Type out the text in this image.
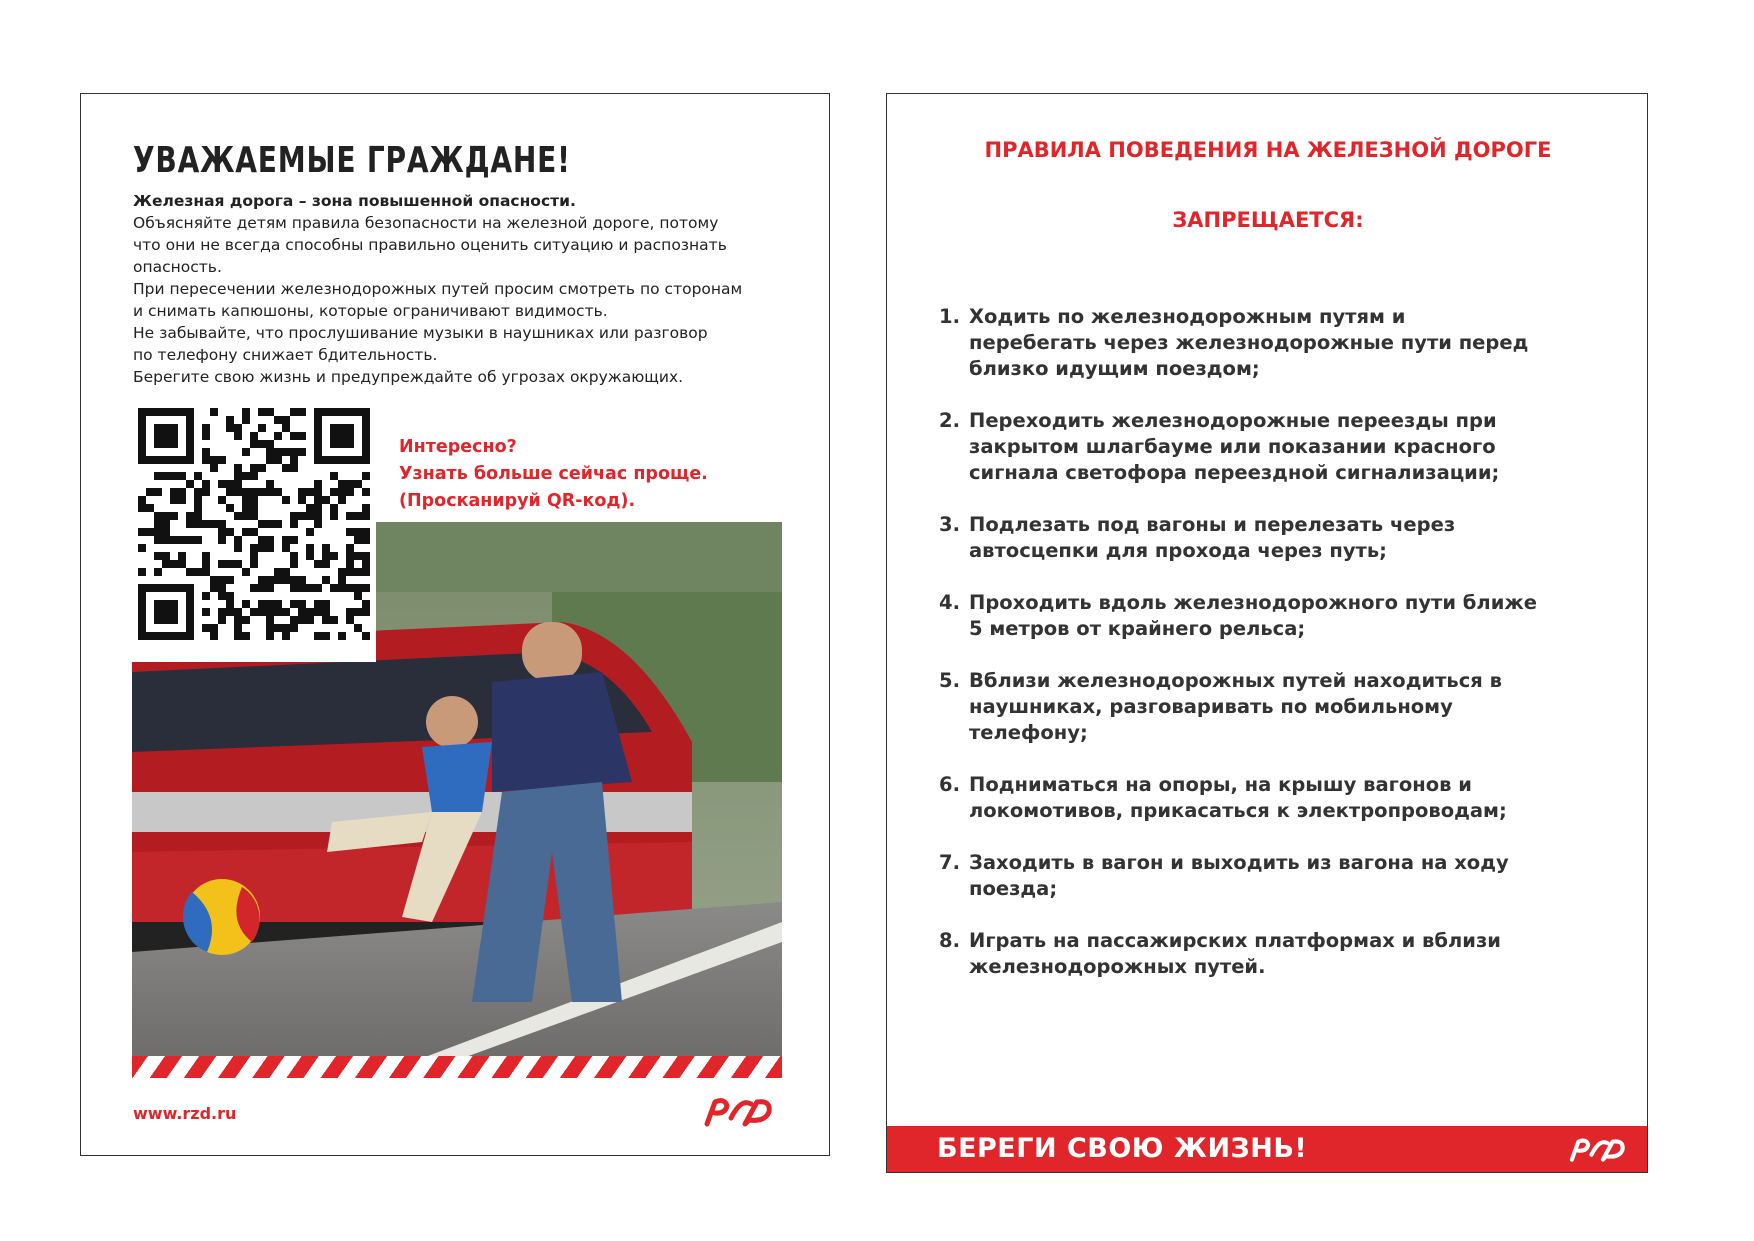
УВАЖАЕМЫЕ ГРАЖДАНЕ!

Железная дорога – зона повышенной опасности.

Объясняйте детям правила безопасности на железной дороге, потому

что они не всегда способны правильно оценить ситуацию и распознать

опасность.

При пересечении железнодорожных путей просим смотреть по сторонам

и снимать капюшоны, которые ограничивают видимость.

Не забывайте, что прослушивание музыки в наушниках или разговор

по телефону снижает бдительность.

Берегите свою жизнь и предупреждайте об угрозах окружающих.

Интересно?

Узнать больше сейчас проще.

(Просканируй QR-код).

www.rzd.ru
ПРАВИЛА ПОВЕДЕНИЯ НА ЖЕЛЕЗНОЙ ДОРОГЕ
ЗАПРЕЩАЕТСЯ:
1. Ходить по железнодорожным путям и
перебегать через железнодорожные пути перед
близко идущим поездом;
2. Переходить железнодорожные переезды при
закрытом шлагбауме или показании красного
сигнала светофора переездной сигнализации;
3. Подлезать под вагоны и перелезать через
автосцепки для прохода через путь;
4. Проходить вдоль железнодорожного пути ближе
5 метров от крайнего рельса;
5. Вблизи железнодорожных путей находиться в
наушниках, разговаривать по мобильному
телефону;
6. Подниматься на опоры, на крышу вагонов и
локомотивов, прикасаться к электропроводам;
7. Заходить в вагон и выходить из вагона на ходу
поезда;
8. Играть на пассажирских платформах и вблизи
железнодорожных путей.
БЕРЕГИ СВОЮ ЖИЗНЬ!
